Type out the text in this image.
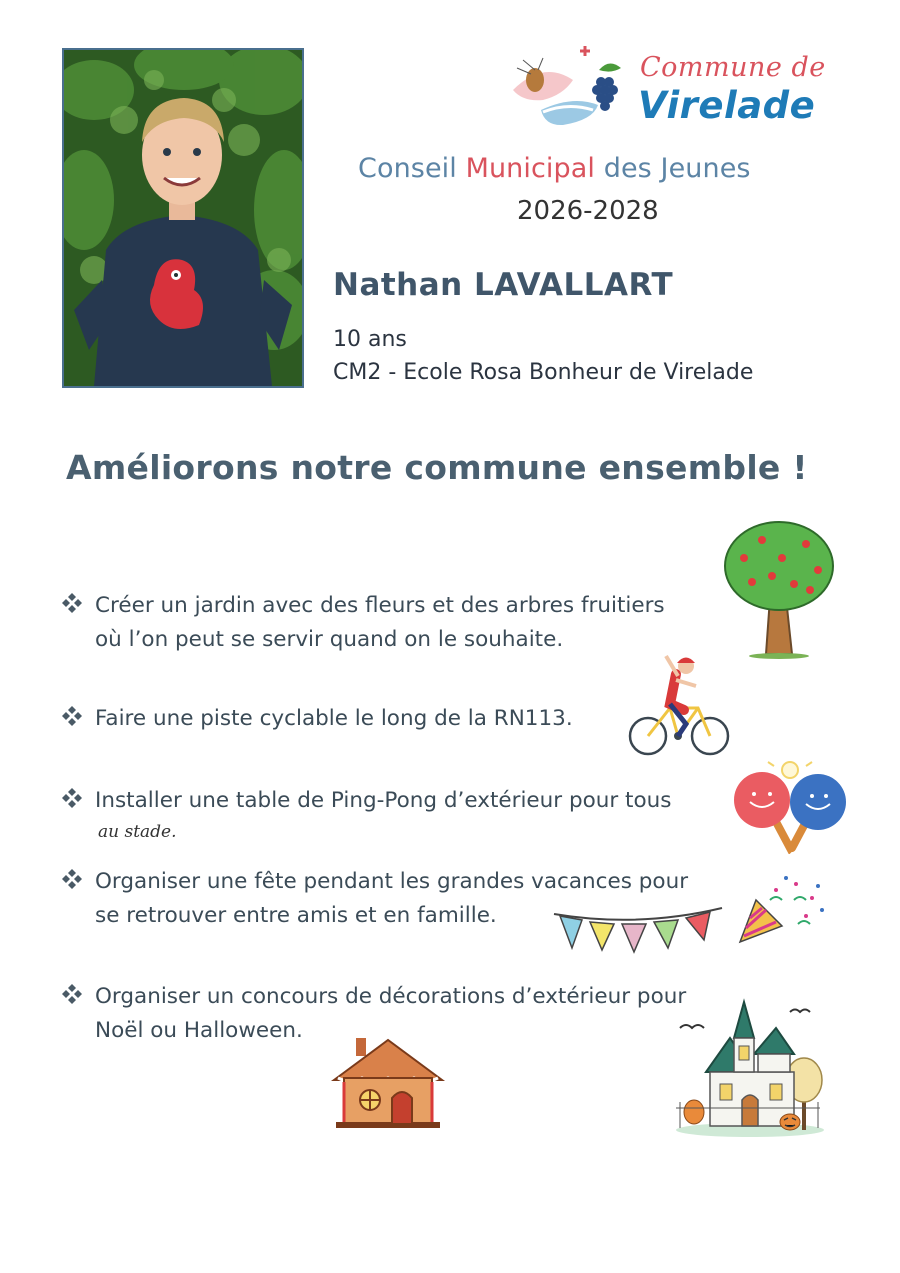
Commune de
Virelade
Conseil Municipal des Jeunes
2026-2028
Nathan LAVALLART
10 ans
CM2 - Ecole Rosa Bonheur de Virelade
Améliorons notre commune ensemble !
Créer un jardin avec des fleurs et des arbres fruitiers
où l’on peut se servir quand on le souhaite.
Faire une piste cyclable le long de la RN113.
Installer une table de Ping-Pong d’extérieur pour tous
au stade.
Organiser une fête pendant les grandes vacances pour
se retrouver entre amis et en famille.
Organiser un concours de décorations d’extérieur pour
Noël ou Halloween.
